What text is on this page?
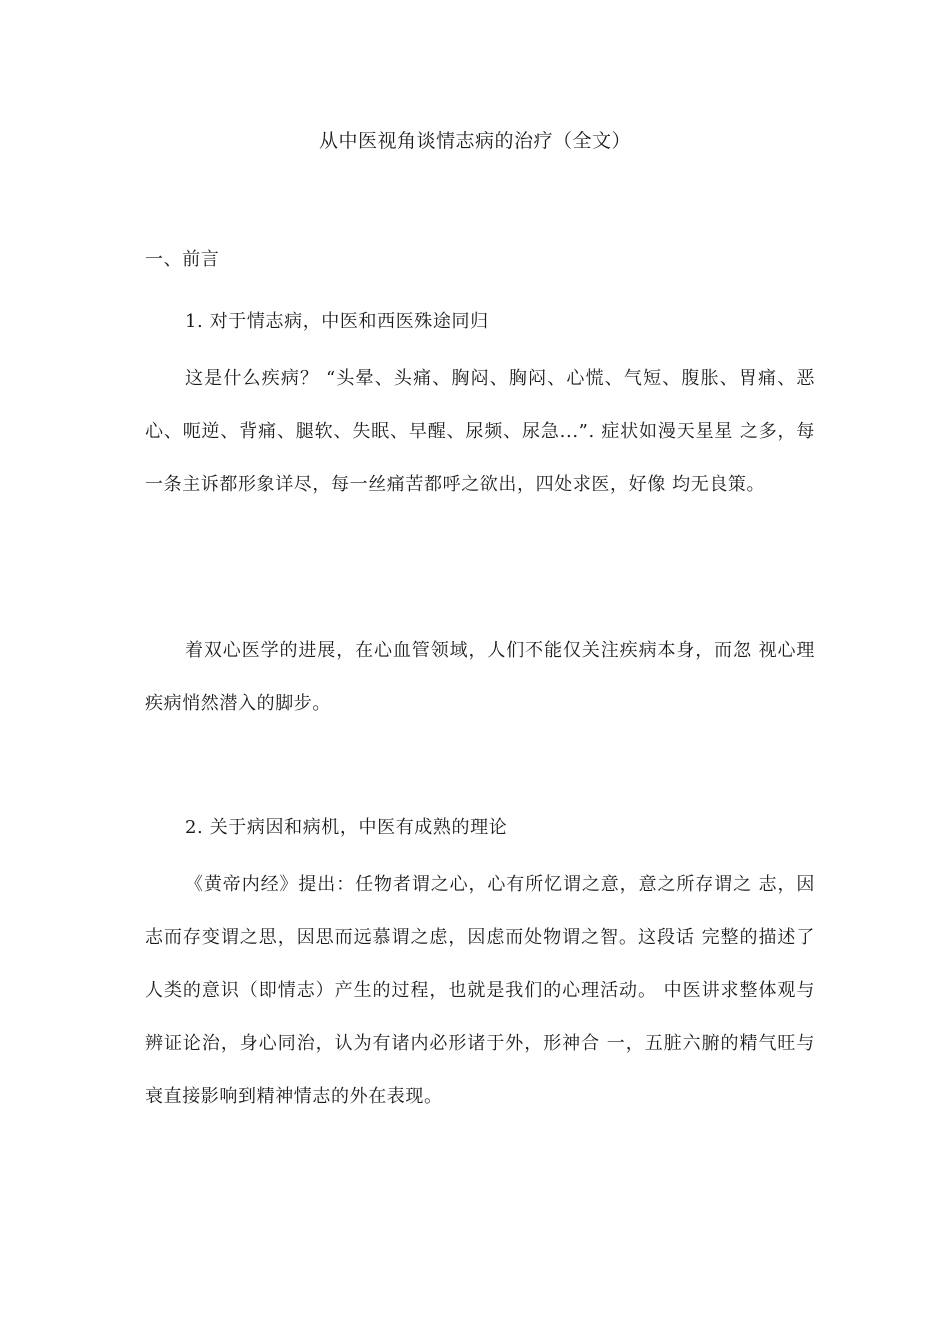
从中医视角谈情志病的治疗（全文）
一、前言
1. 对于情志病，中医和西医殊途同归

这是什么疾病？ “头晕、头痛、胸闷、胸闷、心慌、气短、腹胀、胃痛、恶心、呃逆、背痛、腿软、失眠、早醒、尿频、尿急...”. 症状如漫天星星 之多，每一条主诉都形象详尽，每一丝痛苦都呼之欲出，四处求医，好像 均无良策。

着双心医学的进展，在心血管领域，人们不能仅关注疾病本身，而忽 视心理疾病悄然潜入的脚步。

2. 关于病因和病机，中医有成熟的理论

《黄帝内经》提出：任物者谓之心，心有所忆谓之意，意之所存谓之 志，因志而存变谓之思，因思而远慕谓之虑，因虑而处物谓之智。这段话 完整的描述了人类的意识（即情志）产生的过程，也就是我们的心理活动。 中医讲求整体观与辨证论治，身心同治，认为有诸内必形诸于外，形神合 一，五脏六腑的精气旺与衰直接影响到精神情志的外在表现。
